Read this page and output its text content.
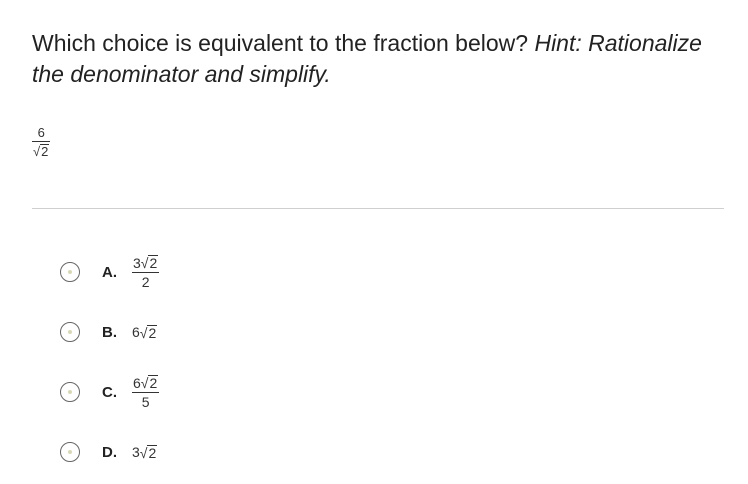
Which choice is equivalent to the fraction below? Hint: Rationalize the denominator and simplify.
$\frac{6}{√ 2}$
A.	$\frac{3 √ 2}{2}$
B.	6 √ 2
C.	$\frac{6 √ 2}{5}$
D.	3 √ 2
